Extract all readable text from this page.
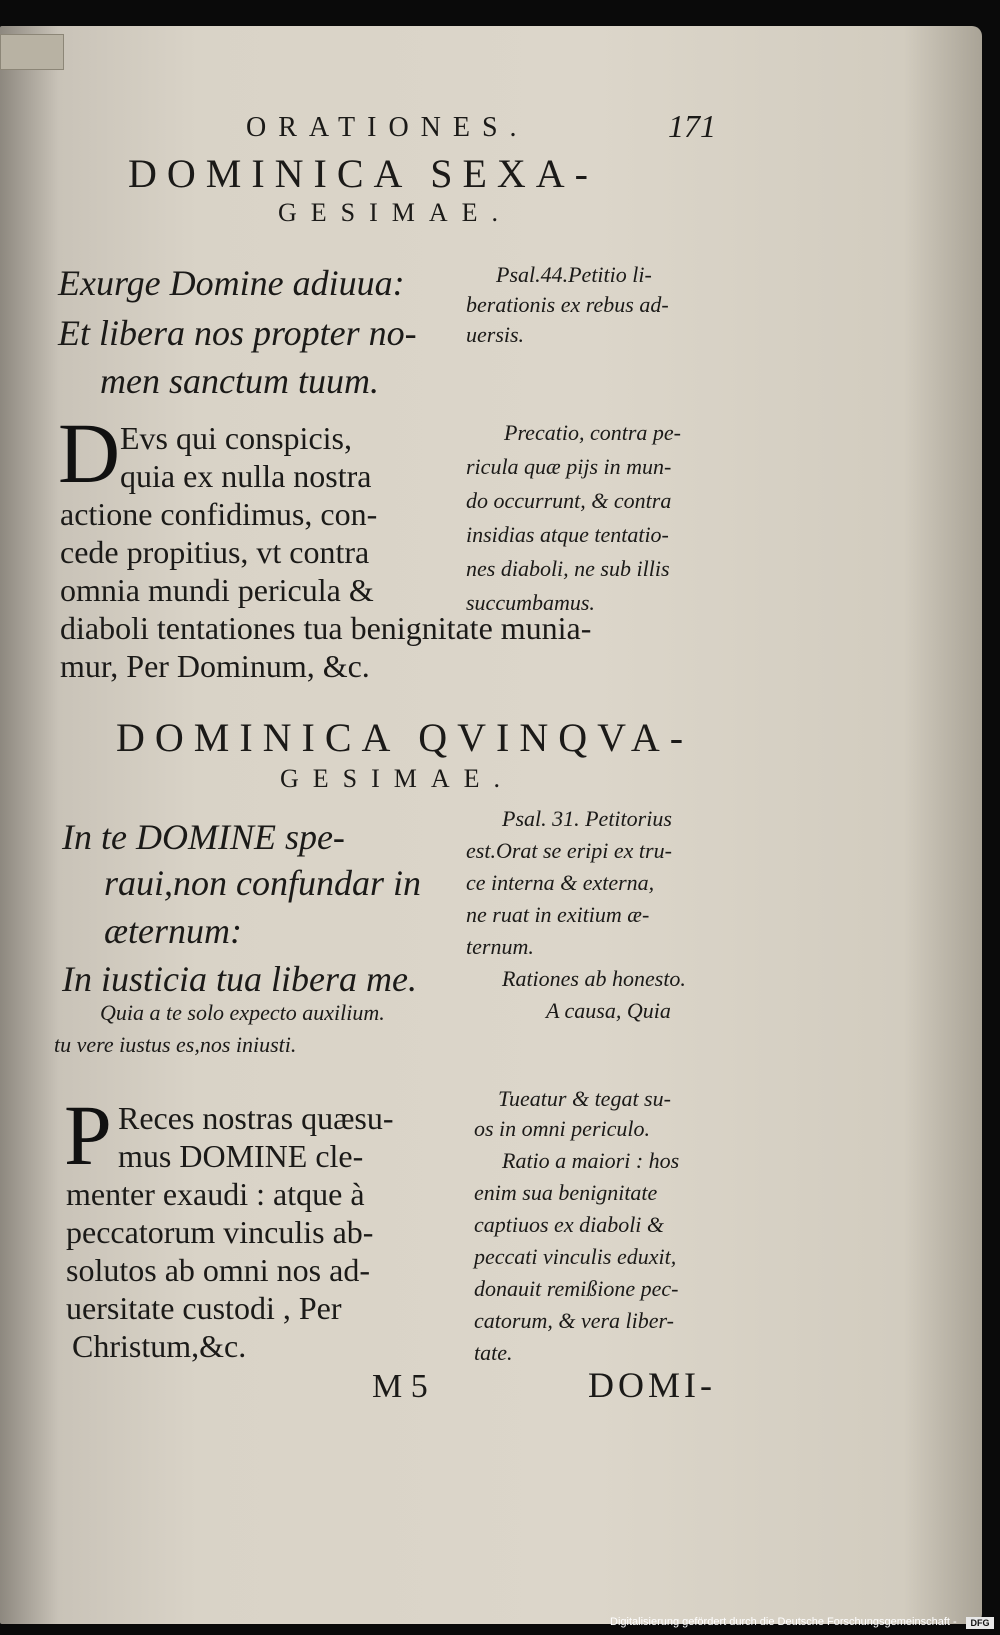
ORATIONES.	171
DOMINICA SEXA-
GESIMAE.
Exurge Domine adiuua:
Et libera nos propter no-
men sanctum tuum.
Psal.44.Petitio li-
berationis ex rebus ad-
uersis.
D Evs qui conspicis,
quia ex nulla nostra
actione confidimus, con-
cede propitius, vt contra
omnia mundi pericula &
diaboli tentationes tua benignitate munia-
mur, Per Dominum, &c.
Precatio, contra pe-
ricula quæ pijs in mun-
do occurrunt, & contra
insidias atque tentatio-
nes diaboli, ne sub illis
succumbamus.
DOMINICA QVINQVA-
GESIMAE.
In te DOMINE spe-
raui,non confundar in
æternum:
In iusticia tua libera me.
Psal. 31. Petitorius
est.Orat se eripi ex tru-
ce interna & externa,
ne ruat in exitium æ-
ternum.
Rationes ab honesto.
A causa, Quia
Quia a te solo expecto auxilium.
tu vere iustus es,nos iniusti.
P Reces nostras quæsu-
mus DOMINE cle-
menter exaudi : atque à
peccatorum vinculis ab-
solutos ab omni nos ad-
uersitate custodi , Per
Christum,&c.
Tueatur & tegat su-
os in omni periculo.
Ratio a maiori : hos
enim sua benignitate
captiuos ex diaboli &
peccati vinculis eduxit,
donauit remißione pec-
catorum, & vera liber-
tate.
M 5	DOMI-
Digitalisierung gefördert durch die Deutsche Forschungsgemeinschaft -	DFG
